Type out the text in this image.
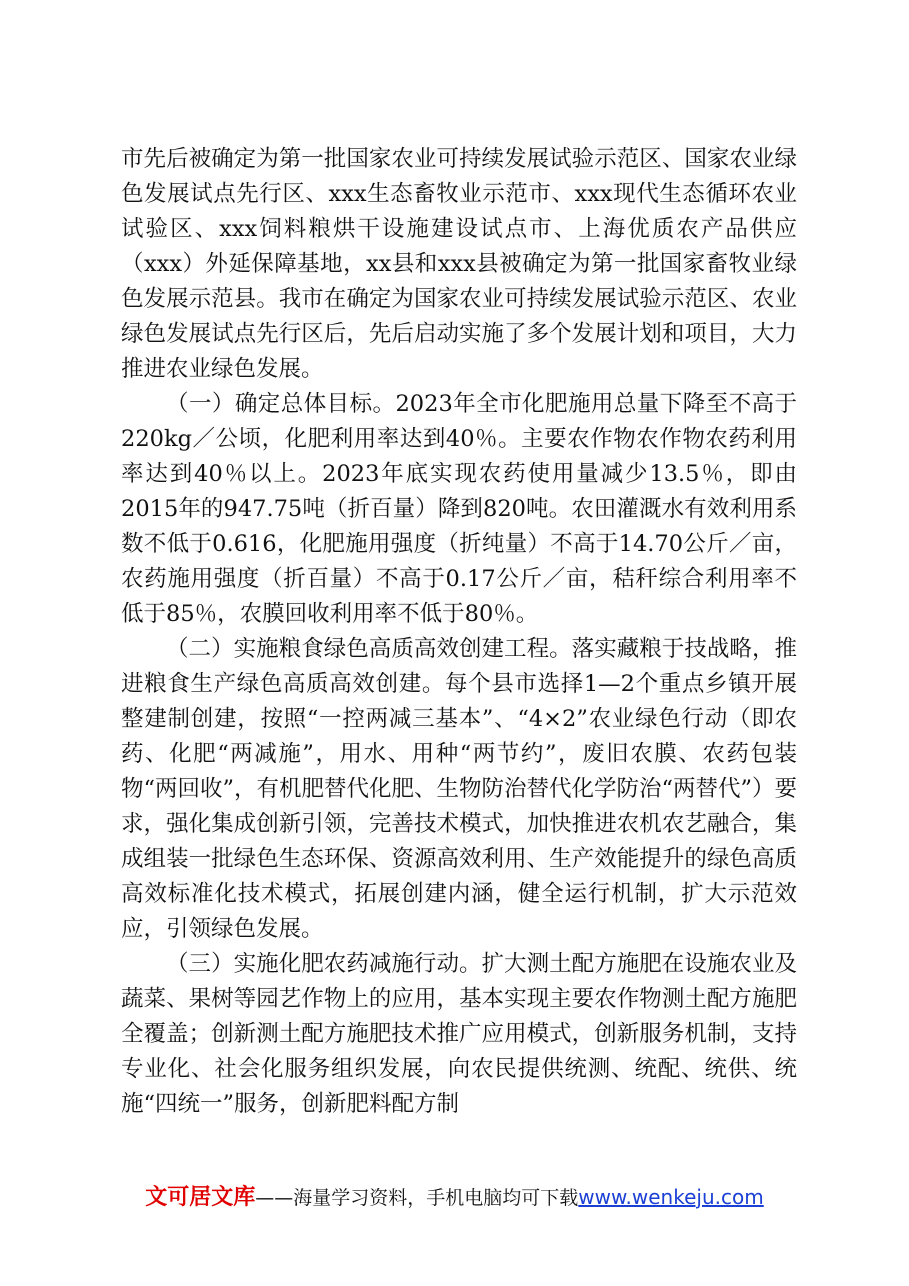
市先后被确定为第一批国家农业可持续发展试验示范区、国家农业绿色发展试点先行区、xxx生态畜牧业示范市、xxx现代生态循环农业试验区、xxx饲料粮烘干设施建设试点市、上海优质农产品供应（xxx）外延保障基地，xx县和xxx县被确定为第一批国家畜牧业绿色发展示范县。我市在确定为国家农业可持续发展试验示范区、农业绿色发展试点先行区后，先后启动实施了多个发展计划和项目，大力推进农业绿色发展。

（一）确定总体目标。2023年全市化肥施用总量下降至不高于220kg／公顷，化肥利用率达到40％。主要农作物农作物农药利用率达到40％以上。2023年底实现农药使用量减少13.5％，即由2015年的947.75吨（折百量）降到820吨。农田灌溉水有效利用系数不低于0.616，化肥施用强度（折纯量）不高于14.70公斤／亩，农药施用强度（折百量）不高于0.17公斤／亩，秸秆综合利用率不低于85％，农膜回收利用率不低于80％。

（二）实施粮食绿色高质高效创建工程。落实藏粮于技战略，推进粮食生产绿色高质高效创建。每个县市选择1—2个重点乡镇开展整建制创建，按照“一控两减三基本”、“4×2”农业绿色行动（即农药、化肥“两减施”，用水、用种“两节约”，废旧农膜、农药包装物“两回收”，有机肥替代化肥、生物防治替代化学防治“两替代”）要求，强化集成创新引领，完善技术模式，加快推进农机农艺融合，集成组装一批绿色生态环保、资源高效利用、生产效能提升的绿色高质高效标准化技术模式，拓展创建内涵，健全运行机制，扩大示范效应，引领绿色发展。

（三）实施化肥农药减施行动。扩大测土配方施肥在设施农业及蔬菜、果树等园艺作物上的应用，基本实现主要农作物测土配方施肥全覆盖；创新测土配方施肥技术推广应用模式，创新服务机制，支持专业化、社会化服务组织发展，向农民提供统测、统配、统供、统施“四统一”服务，创新肥料配方制

文可居文库——海量学习资料，手机电脑均可下载www.wenkeju.com
